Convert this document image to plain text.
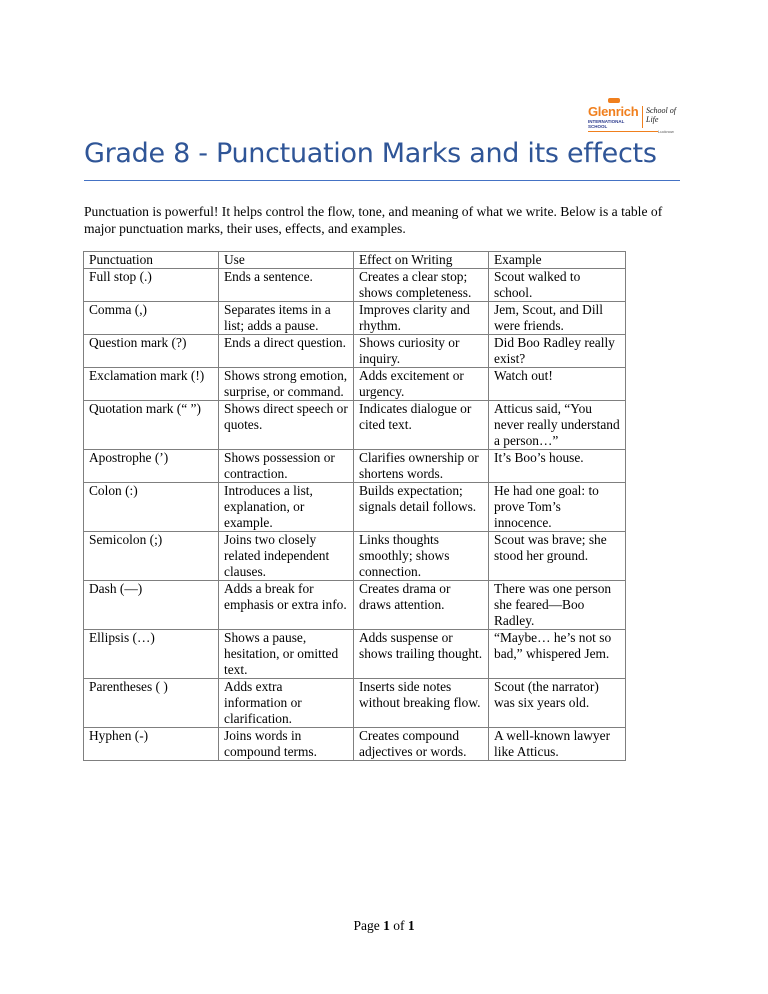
Glenrich
INTERNATIONAL SCHOOL
School of Life
Lucknow
Grade 8 - Punctuation Marks and its effects
Punctuation is powerful! It helps control the flow, tone, and meaning of what we write. Below is a table of major punctuation marks, their uses, effects, and examples.
Punctuation	Use	Effect on Writing	Example
Full stop (.)	Ends a sentence.	Creates a clear stop; shows completeness.	Scout walked to school.
Comma (,)	Separates items in a list; adds a pause.	Improves clarity and rhythm.	Jem, Scout, and Dill were friends.
Question mark (?)	Ends a direct question.	Shows curiosity or inquiry.	Did Boo Radley really exist?
Exclamation mark (!)	Shows strong emotion, surprise, or command.	Adds excitement or urgency.	Watch out!
Quotation mark (“ ”)	Shows direct speech or quotes.	Indicates dialogue or cited text.	Atticus said, “You never really understand a person…”
Apostrophe (’)	Shows possession or contraction.	Clarifies ownership or shortens words.	It’s Boo’s house.
Colon (:)	Introduces a list, explanation, or example.	Builds expectation; signals detail follows.	He had one goal: to prove Tom’s innocence.
Semicolon (;)	Joins two closely related independent clauses.	Links thoughts smoothly; shows connection.	Scout was brave; she stood her ground.
Dash (—)	Adds a break for emphasis or extra info.	Creates drama or draws attention.	There was one person she feared—Boo Radley.
Ellipsis (…)	Shows a pause, hesitation, or omitted text.	Adds suspense or shows trailing thought.	“Maybe… he’s not so bad,” whispered Jem.
Parentheses ( )	Adds extra information or clarification.	Inserts side notes without breaking flow.	Scout (the narrator) was six years old.
Hyphen (-)	Joins words in compound terms.	Creates compound adjectives or words.	A well-known lawyer like Atticus.
Page 1 of 1
